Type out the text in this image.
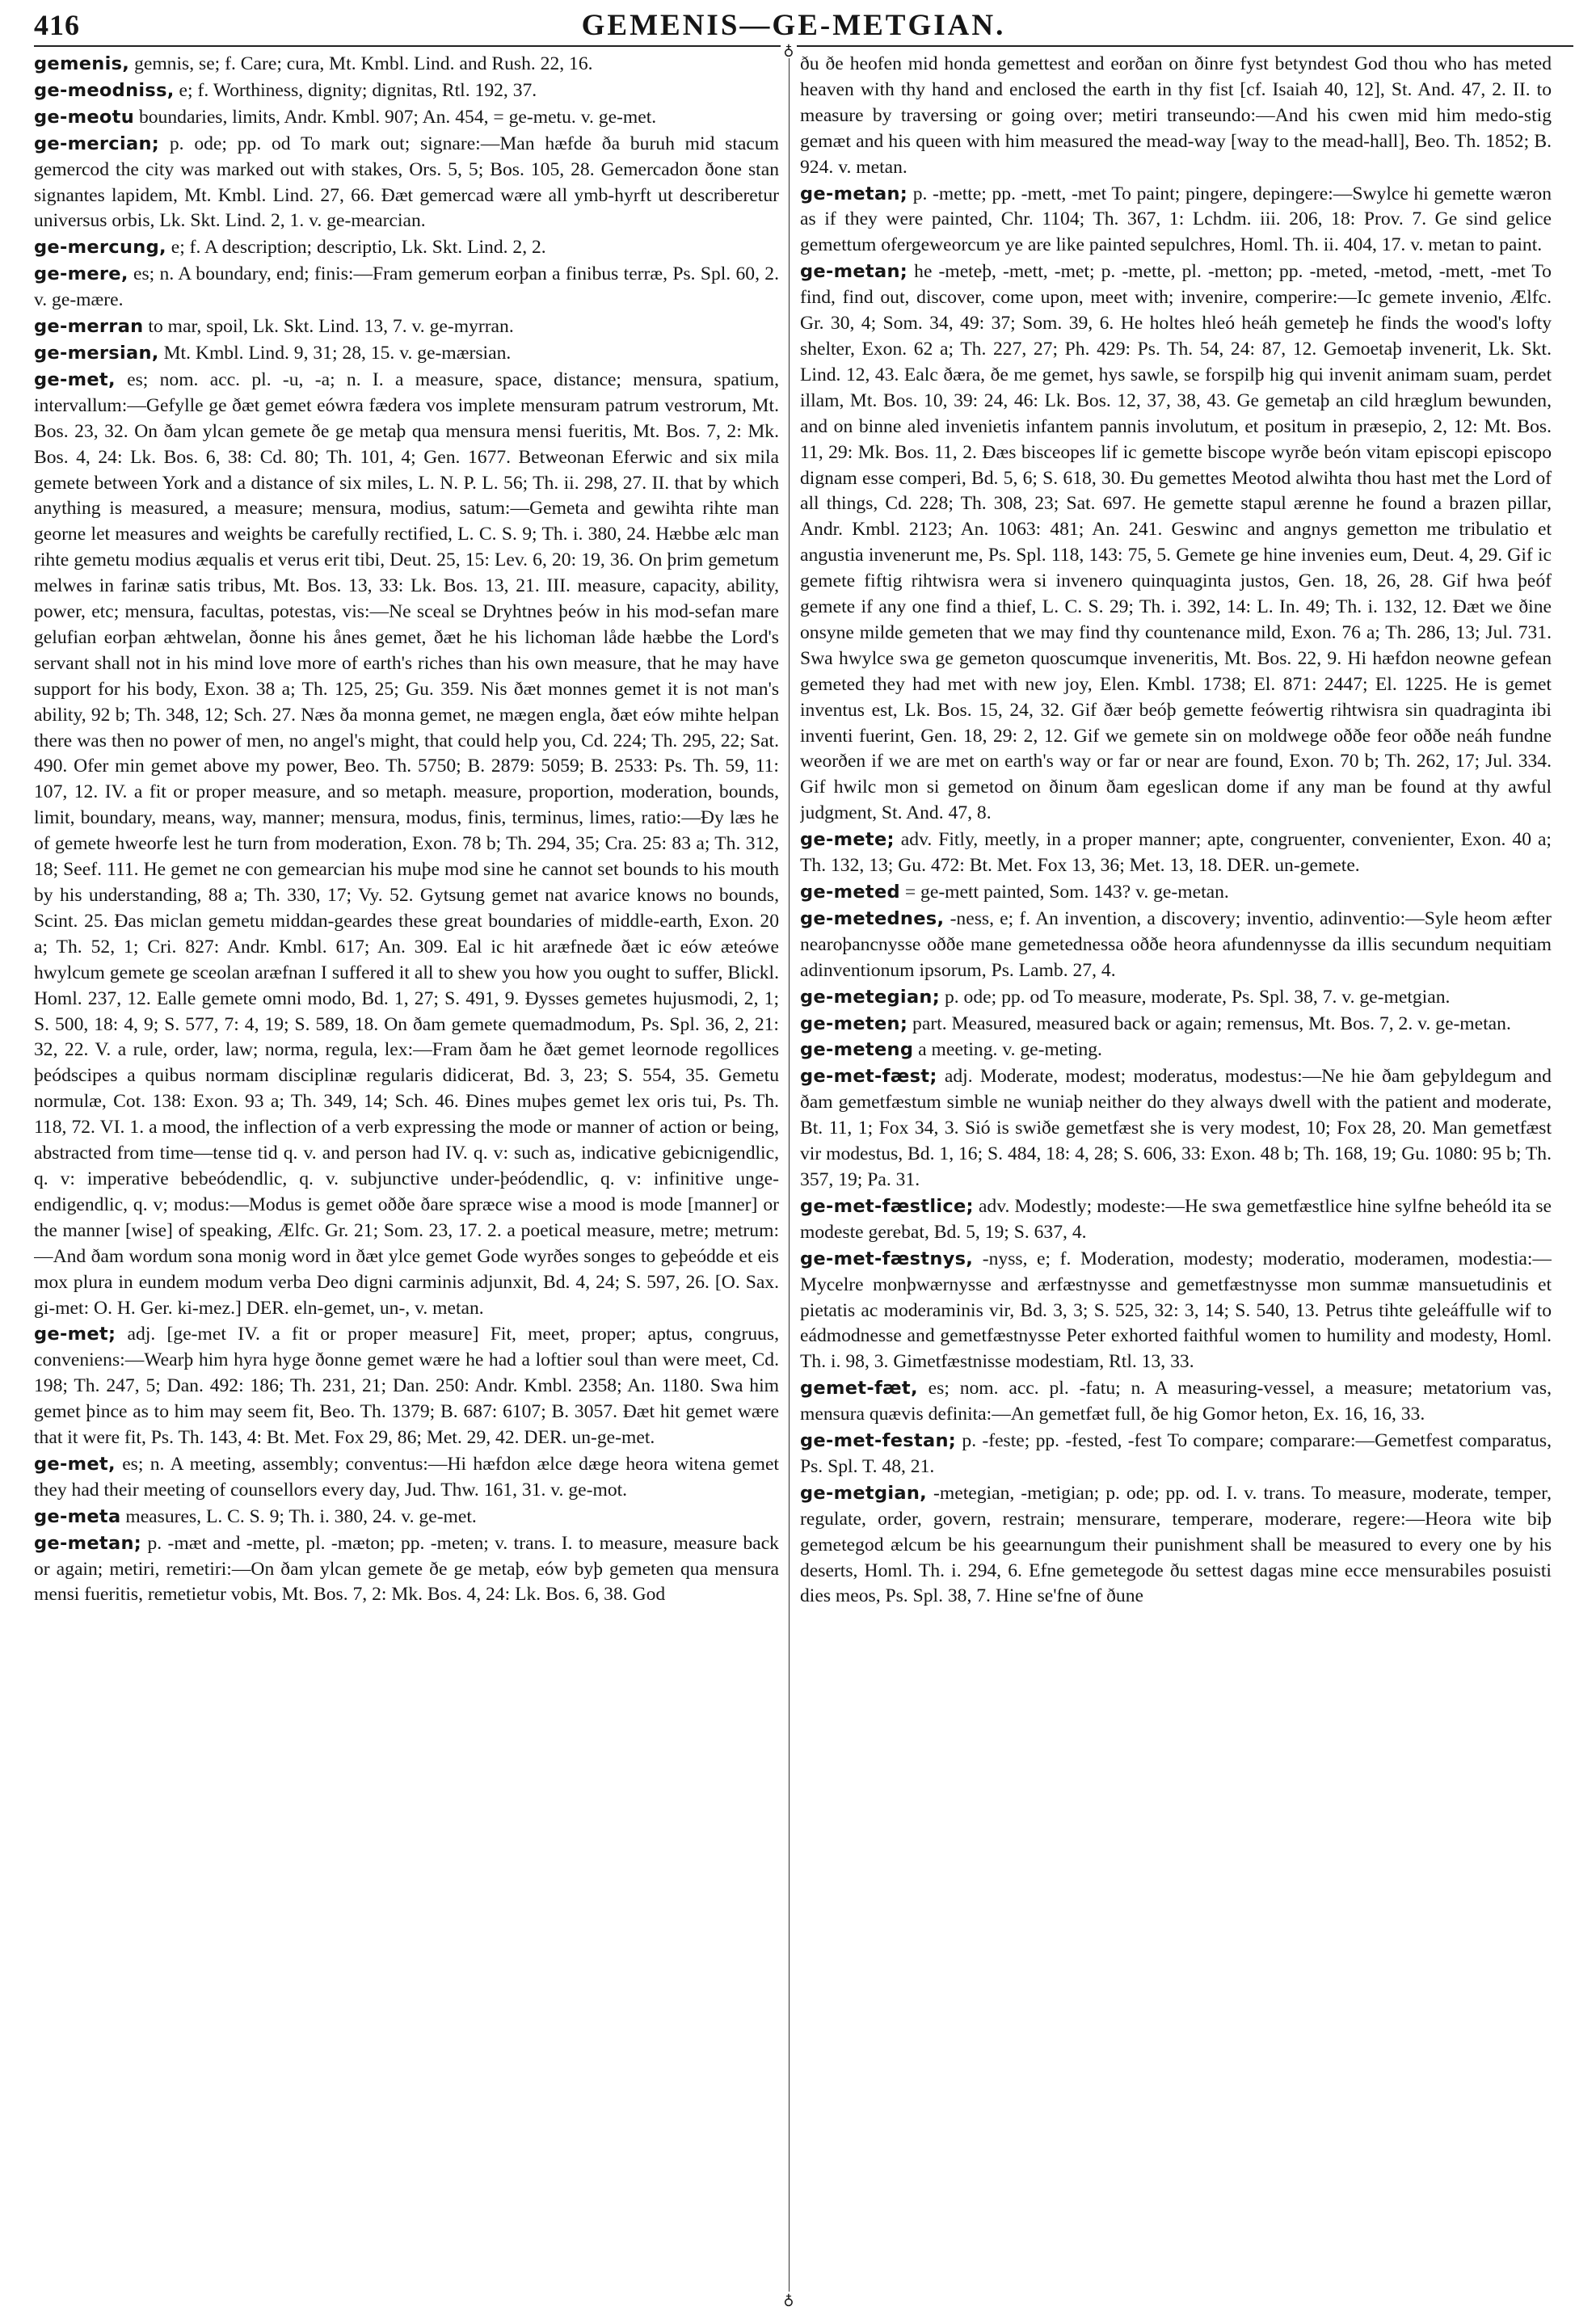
416	GEMENIS—GE-METGIAN.

gemenis, gemnis, se; f. Care; cura, Mt. Kmbl. Lind. and Rush. 22, 16.

ge-meodniss, e; f. Worthiness, dignity; dignitas, Rtl. 192, 37.

ge-meotu boundaries, limits, Andr. Kmbl. 907; An. 454, = ge-metu. v. ge-met.

ge-mercian; p. ode; pp. od To mark out; signare:—Man hæfde ða buruh mid stacum gemercod the city was marked out with stakes, Ors. 5, 5; Bos. 105, 28. Gemercadon ðone stan signantes lapidem, Mt. Kmbl. Lind. 27, 66. Ðæt gemercad wære all ymb-hyrft ut describeretur universus orbis, Lk. Skt. Lind. 2, 1. v. ge-mearcian.

ge-mercung, e; f. A description; descriptio, Lk. Skt. Lind. 2, 2.

ge-mere, es; n. A boundary, end; finis:—Fram gemerum eorþan a finibus terræ, Ps. Spl. 60, 2. v. ge-mære.

ge-merran to mar, spoil, Lk. Skt. Lind. 13, 7. v. ge-myrran.

ge-mersian, Mt. Kmbl. Lind. 9, 31; 28, 15. v. ge-mærsian.

ge-met, es; nom. acc. pl. -u, -a; n. I. a measure, space, distance; mensura, spatium, intervallum:—Gefylle ge ðæt gemet eówra fædera vos implete mensuram patrum vestrorum, Mt. Bos. 23, 32. On ðam ylcan gemete ðe ge metaþ qua mensura mensi fueritis, Mt. Bos. 7, 2: Mk. Bos. 4, 24: Lk. Bos. 6, 38: Cd. 80; Th. 101, 4; Gen. 1677. Betweonan Eferwic and six mila gemete between York and a distance of six miles, L. N. P. L. 56; Th. ii. 298, 27. II. that by which anything is measured, a measure; mensura, modius, satum:—Gemeta and gewihta rihte man georne let measures and weights be carefully rectified, L. C. S. 9; Th. i. 380, 24. Hæbbe ælc man rihte gemetu modius æqualis et verus erit tibi, Deut. 25, 15: Lev. 6, 20: 19, 36. On þrim gemetum melwes in farinæ satis tribus, Mt. Bos. 13, 33: Lk. Bos. 13, 21. III. measure, capacity, ability, power, etc; mensura, facultas, potestas, vis:—Ne sceal se Dryhtnes þeów in his mod-sefan mare gelufian eorþan æhtwelan, ðonne his ånes gemet, ðæt he his lichoman låde hæbbe the Lord's servant shall not in his mind love more of earth's riches than his own measure, that he may have support for his body, Exon. 38 a; Th. 125, 25; Gu. 359. Nis ðæt monnes gemet it is not man's ability, 92 b; Th. 348, 12; Sch. 27. Næs ða monna gemet, ne mægen engla, ðæt eów mihte helpan there was then no power of men, no angel's might, that could help you, Cd. 224; Th. 295, 22; Sat. 490. Ofer min gemet above my power, Beo. Th. 5750; B. 2879: 5059; B. 2533: Ps. Th. 59, 11: 107, 12. IV. a fit or proper measure, and so metaph. measure, proportion, moderation, bounds, limit, boundary, means, way, manner; mensura, modus, finis, terminus, limes, ratio:—Ðy læs he of gemete hweorfe lest he turn from moderation, Exon. 78 b; Th. 294, 35; Cra. 25: 83 a; Th. 312, 18; Seef. 111. He gemet ne con gemearcian his muþe mod sine he cannot set bounds to his mouth by his understanding, 88 a; Th. 330, 17; Vy. 52. Gytsung gemet nat avarice knows no bounds, Scint. 25. Ðas miclan gemetu middan-geardes these great boundaries of middle-earth, Exon. 20 a; Th. 52, 1; Cri. 827: Andr. Kmbl. 617; An. 309. Eal ic hit aræfnede ðæt ic eów æteówe hwylcum gemete ge sceolan aræfnan I suffered it all to shew you how you ought to suffer, Blickl. Homl. 237, 12. Ealle gemete omni modo, Bd. 1, 27; S. 491, 9. Ðysses gemetes hujusmodi, 2, 1; S. 500, 18: 4, 9; S. 577, 7: 4, 19; S. 589, 18. On ðam gemete quemadmodum, Ps. Spl. 36, 2, 21: 32, 22. V. a rule, order, law; norma, regula, lex:—Fram ðam he ðæt gemet leornode regollices þeódscipes a quibus normam disciplinæ regularis didicerat, Bd. 3, 23; S. 554, 35. Gemetu normulæ, Cot. 138: Exon. 93 a; Th. 349, 14; Sch. 46. Ðines muþes gemet lex oris tui, Ps. Th. 118, 72. VI. 1. a mood, the inflection of a verb expressing the mode or manner of action or being, abstracted from time—tense tid q. v. and person had IV. q. v: such as, indicative gebicnigendlic, q. v: imperative bebeódendlic, q. v. subjunctive under-þeódendlic, q. v: infinitive unge-endigendlic, q. v; modus:—Modus is gemet oððe ðare spræce wise a mood is mode [manner] or the manner [wise] of speaking, Ælfc. Gr. 21; Som. 23, 17. 2. a poetical measure, metre; metrum:—And ðam wordum sona monig word in ðæt ylce gemet Gode wyrðes songes to geþeódde et eis mox plura in eundem modum verba Deo digni carminis adjunxit, Bd. 4, 24; S. 597, 26. [O. Sax. gi-met: O. H. Ger. ki-mez.] DER. eln-gemet, un-, v. metan.

ge-met; adj. [ge-met IV. a fit or proper measure] Fit, meet, proper; aptus, congruus, conveniens:—Wearþ him hyra hyge ðonne gemet wære he had a loftier soul than were meet, Cd. 198; Th. 247, 5; Dan. 492: 186; Th. 231, 21; Dan. 250: Andr. Kmbl. 2358; An. 1180. Swa him gemet þince as to him may seem fit, Beo. Th. 1379; B. 687: 6107; B. 3057. Ðæt hit gemet wære that it were fit, Ps. Th. 143, 4: Bt. Met. Fox 29, 86; Met. 29, 42. DER. un-ge-met.

ge-met, es; n. A meeting, assembly; conventus:—Hi hæfdon ælce dæge heora witena gemet they had their meeting of counsellors every day, Jud. Thw. 161, 31. v. ge-mot.

ge-meta measures, L. C. S. 9; Th. i. 380, 24. v. ge-met.

ge-metan; p. -mæt and -mette, pl. -mæton; pp. -meten; v. trans. I. to measure, measure back or again; metiri, remetiri:—On ðam ylcan gemete ðe ge metaþ, eów byþ gemeten qua mensura mensi fueritis, remetietur vobis, Mt. Bos. 7, 2: Mk. Bos. 4, 24: Lk. Bos. 6, 38. God

♁
♁

ðu ðe heofen mid honda gemettest and eorðan on ðinre fyst betyndest God thou who has meted heaven with thy hand and enclosed the earth in thy fist [cf. Isaiah 40, 12], St. And. 47, 2. II. to measure by traversing or going over; metiri transeundo:—And his cwen mid him medo-stig gemæt and his queen with him measured the mead-way [way to the mead-hall], Beo. Th. 1852; B. 924. v. metan.

ge-metan; p. -mette; pp. -mett, -met To paint; pingere, depingere:—Swylce hi gemette wæron as if they were painted, Chr. 1104; Th. 367, 1: Lchdm. iii. 206, 18: Prov. 7. Ge sind gelice gemettum ofergeweorcum ye are like painted sepulchres, Homl. Th. ii. 404, 17. v. metan to paint.

ge-metan; he -meteþ, -mett, -met; p. -mette, pl. -metton; pp. -meted, -metod, -mett, -met To find, find out, discover, come upon, meet with; invenire, comperire:—Ic gemete invenio, Ælfc. Gr. 30, 4; Som. 34, 49: 37; Som. 39, 6. He holtes hleó heáh gemeteþ he finds the wood's lofty shelter, Exon. 62 a; Th. 227, 27; Ph. 429: Ps. Th. 54, 24: 87, 12. Gemoetaþ invenerit, Lk. Skt. Lind. 12, 43. Ealc ðæra, ðe me gemet, hys sawle, se forspilþ hig qui invenit animam suam, perdet illam, Mt. Bos. 10, 39: 24, 46: Lk. Bos. 12, 37, 38, 43. Ge gemetaþ an cild hræglum bewunden, and on binne aled invenietis infantem pannis involutum, et positum in præsepio, 2, 12: Mt. Bos. 11, 29: Mk. Bos. 11, 2. Ðæs bisceopes lif ic gemette biscope wyrðe beón vitam episcopi episcopo dignam esse comperi, Bd. 5, 6; S. 618, 30. Ðu gemettes Meotod alwihta thou hast met the Lord of all things, Cd. 228; Th. 308, 23; Sat. 697. He gemette stapul ærenne he found a brazen pillar, Andr. Kmbl. 2123; An. 1063: 481; An. 241. Geswinc and angnys gemetton me tribulatio et angustia invenerunt me, Ps. Spl. 118, 143: 75, 5. Gemete ge hine invenies eum, Deut. 4, 29. Gif ic gemete fiftig rihtwisra wera si invenero quinquaginta justos, Gen. 18, 26, 28. Gif hwa þeóf gemete if any one find a thief, L. C. S. 29; Th. i. 392, 14: L. In. 49; Th. i. 132, 12. Ðæt we ðine onsyne milde gemeten that we may find thy countenance mild, Exon. 76 a; Th. 286, 13; Jul. 731. Swa hwylce swa ge gemeton quoscumque inveneritis, Mt. Bos. 22, 9. Hi hæfdon neowne gefean gemeted they had met with new joy, Elen. Kmbl. 1738; El. 871: 2447; El. 1225. He is gemet inventus est, Lk. Bos. 15, 24, 32. Gif ðær beóþ gemette feówertig rihtwisra sin quadraginta ibi inventi fuerint, Gen. 18, 29: 2, 12. Gif we gemete sin on moldwege oððe feor oððe neáh fundne weorðen if we are met on earth's way or far or near are found, Exon. 70 b; Th. 262, 17; Jul. 334. Gif hwilc mon si gemetod on ðinum ðam egeslican dome if any man be found at thy awful judgment, St. And. 47, 8.

ge-mete; adv. Fitly, meetly, in a proper manner; apte, congruenter, convenienter, Exon. 40 a; Th. 132, 13; Gu. 472: Bt. Met. Fox 13, 36; Met. 13, 18. DER. un-gemete.

ge-meted = ge-mett painted, Som. 143? v. ge-metan.

ge-metednes, -ness, e; f. An invention, a discovery; inventio, adinventio:—Syle heom æfter nearoþancnysse oððe mane gemetednessa oððe heora afundennysse da illis secundum nequitiam adinventionum ipsorum, Ps. Lamb. 27, 4.

ge-metegian; p. ode; pp. od To measure, moderate, Ps. Spl. 38, 7. v. ge-metgian.

ge-meten; part. Measured, measured back or again; remensus, Mt. Bos. 7, 2. v. ge-metan.

ge-meteng a meeting. v. ge-meting.

ge-met-fæst; adj. Moderate, modest; moderatus, modestus:—Ne hie ðam geþyldegum and ðam gemetfæstum simble ne wuniaþ neither do they always dwell with the patient and moderate, Bt. 11, 1; Fox 34, 3. Sió is swiðe gemetfæst she is very modest, 10; Fox 28, 20. Man gemetfæst vir modestus, Bd. 1, 16; S. 484, 18: 4, 28; S. 606, 33: Exon. 48 b; Th. 168, 19; Gu. 1080: 95 b; Th. 357, 19; Pa. 31.

ge-met-fæstlice; adv. Modestly; modeste:—He swa gemetfæstlice hine sylfne beheóld ita se modeste gerebat, Bd. 5, 19; S. 637, 4.

ge-met-fæstnys, -nyss, e; f. Moderation, modesty; moderatio, moderamen, modestia:—Mycelre monþwærnysse and ærfæstnysse and gemetfæstnysse mon summæ mansuetudinis et pietatis ac moderaminis vir, Bd. 3, 3; S. 525, 32: 3, 14; S. 540, 13. Petrus tihte geleáffulle wif to eádmodnesse and gemetfæstnysse Peter exhorted faithful women to humility and modesty, Homl. Th. i. 98, 3. Gimetfæstnisse modestiam, Rtl. 13, 33.

gemet-fæt, es; nom. acc. pl. -fatu; n. A measuring-vessel, a measure; metatorium vas, mensura quævis definita:—An gemetfæt full, ðe hig Gomor heton, Ex. 16, 16, 33.

ge-met-festan; p. -feste; pp. -fested, -fest To compare; comparare:—Gemetfest comparatus, Ps. Spl. T. 48, 21.

ge-metgian, -metegian, -metigian; p. ode; pp. od. I. v. trans. To measure, moderate, temper, regulate, order, govern, restrain; mensurare, temperare, moderare, regere:—Heora wite biþ gemetegod ælcum be his geearnungum their punishment shall be measured to every one by his deserts, Homl. Th. i. 294, 6. Efne gemetegode ðu settest dagas mine ecce mensurabiles posuisti dies meos, Ps. Spl. 38, 7. Hine se'fne of ðune
